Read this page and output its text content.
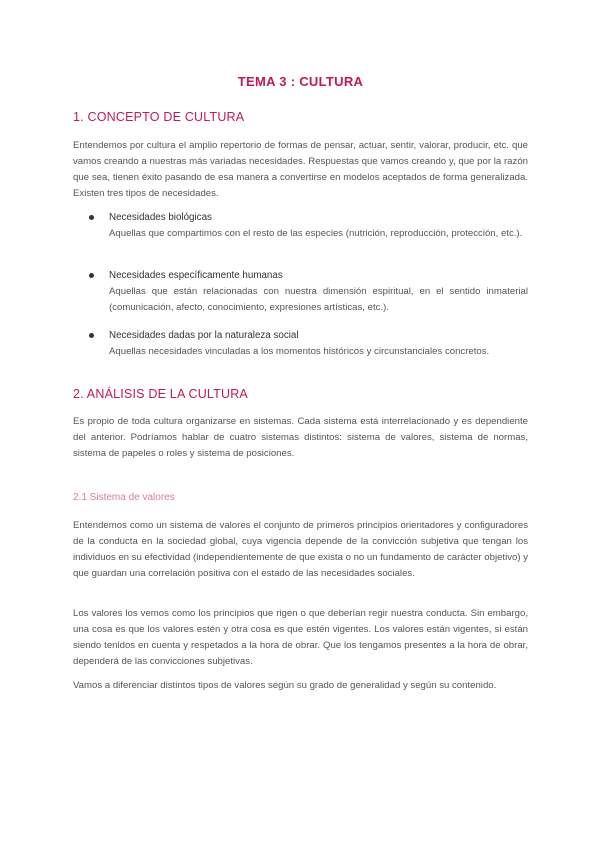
TEMA 3 : CULTURA
1. CONCEPTO DE CULTURA
Entendemos por cultura el amplio repertorio de formas de pensar, actuar, sentir, valorar, producir, etc. que vamos creando a nuestras más variadas necesidades. Respuestas que vamos creando y, que por la razón que sea, tienen éxito pasando de esa manera a convertirse en modelos aceptados de forma generalizada. Existen tres tipos de necesidades.
Necesidades biológicas
Aquellas que compartimos con el resto de las especies (nutrición, reproducción, protección, etc.).
Necesidades específicamente humanas
Aquellas que están relacionadas con nuestra dimensión espiritual, en el sentido inmaterial (comunicación, afecto, conocimiento, expresiones artísticas, etc.).
Necesidades dadas por la naturaleza social
Aquellas necesidades vinculadas a los momentos históricos y circunstanciales concretos.
2. ANÁLISIS DE LA CULTURA
Es propio de toda cultura organizarse en sistemas. Cada sistema está interrelacionado y es dependiente del anterior. Podríamos hablar de cuatro sistemas distintos: sistema de valores, sistema de normas, sistema de papeles o roles y sistema de posiciones.
2.1 Sistema de valores
Entendemos como un sistema de valores el conjunto de primeros principios orientadores y configuradores de la conducta en la sociedad global, cuya vigencia depende de la convicción subjetiva que tengan los individuos en su efectividad (independientemente de que exista o no un fundamento de carácter objetivo) y que guardan una correlación positiva con el estado de las necesidades sociales.
Los valores los vemos como los principios que rigen o que deberían regir nuestra conducta. Sin embargo, una cosa es que los valores estén y otra cosa es que estén vigentes. Los valores están vigentes, si están siendo tenidos en cuenta y respetados a la hora de obrar. Que los tengamos presentes a la hora de obrar, dependerá de las convicciones subjetivas.
Vamos a diferenciar distintos tipos de valores según su grado de generalidad y según su contenido.
